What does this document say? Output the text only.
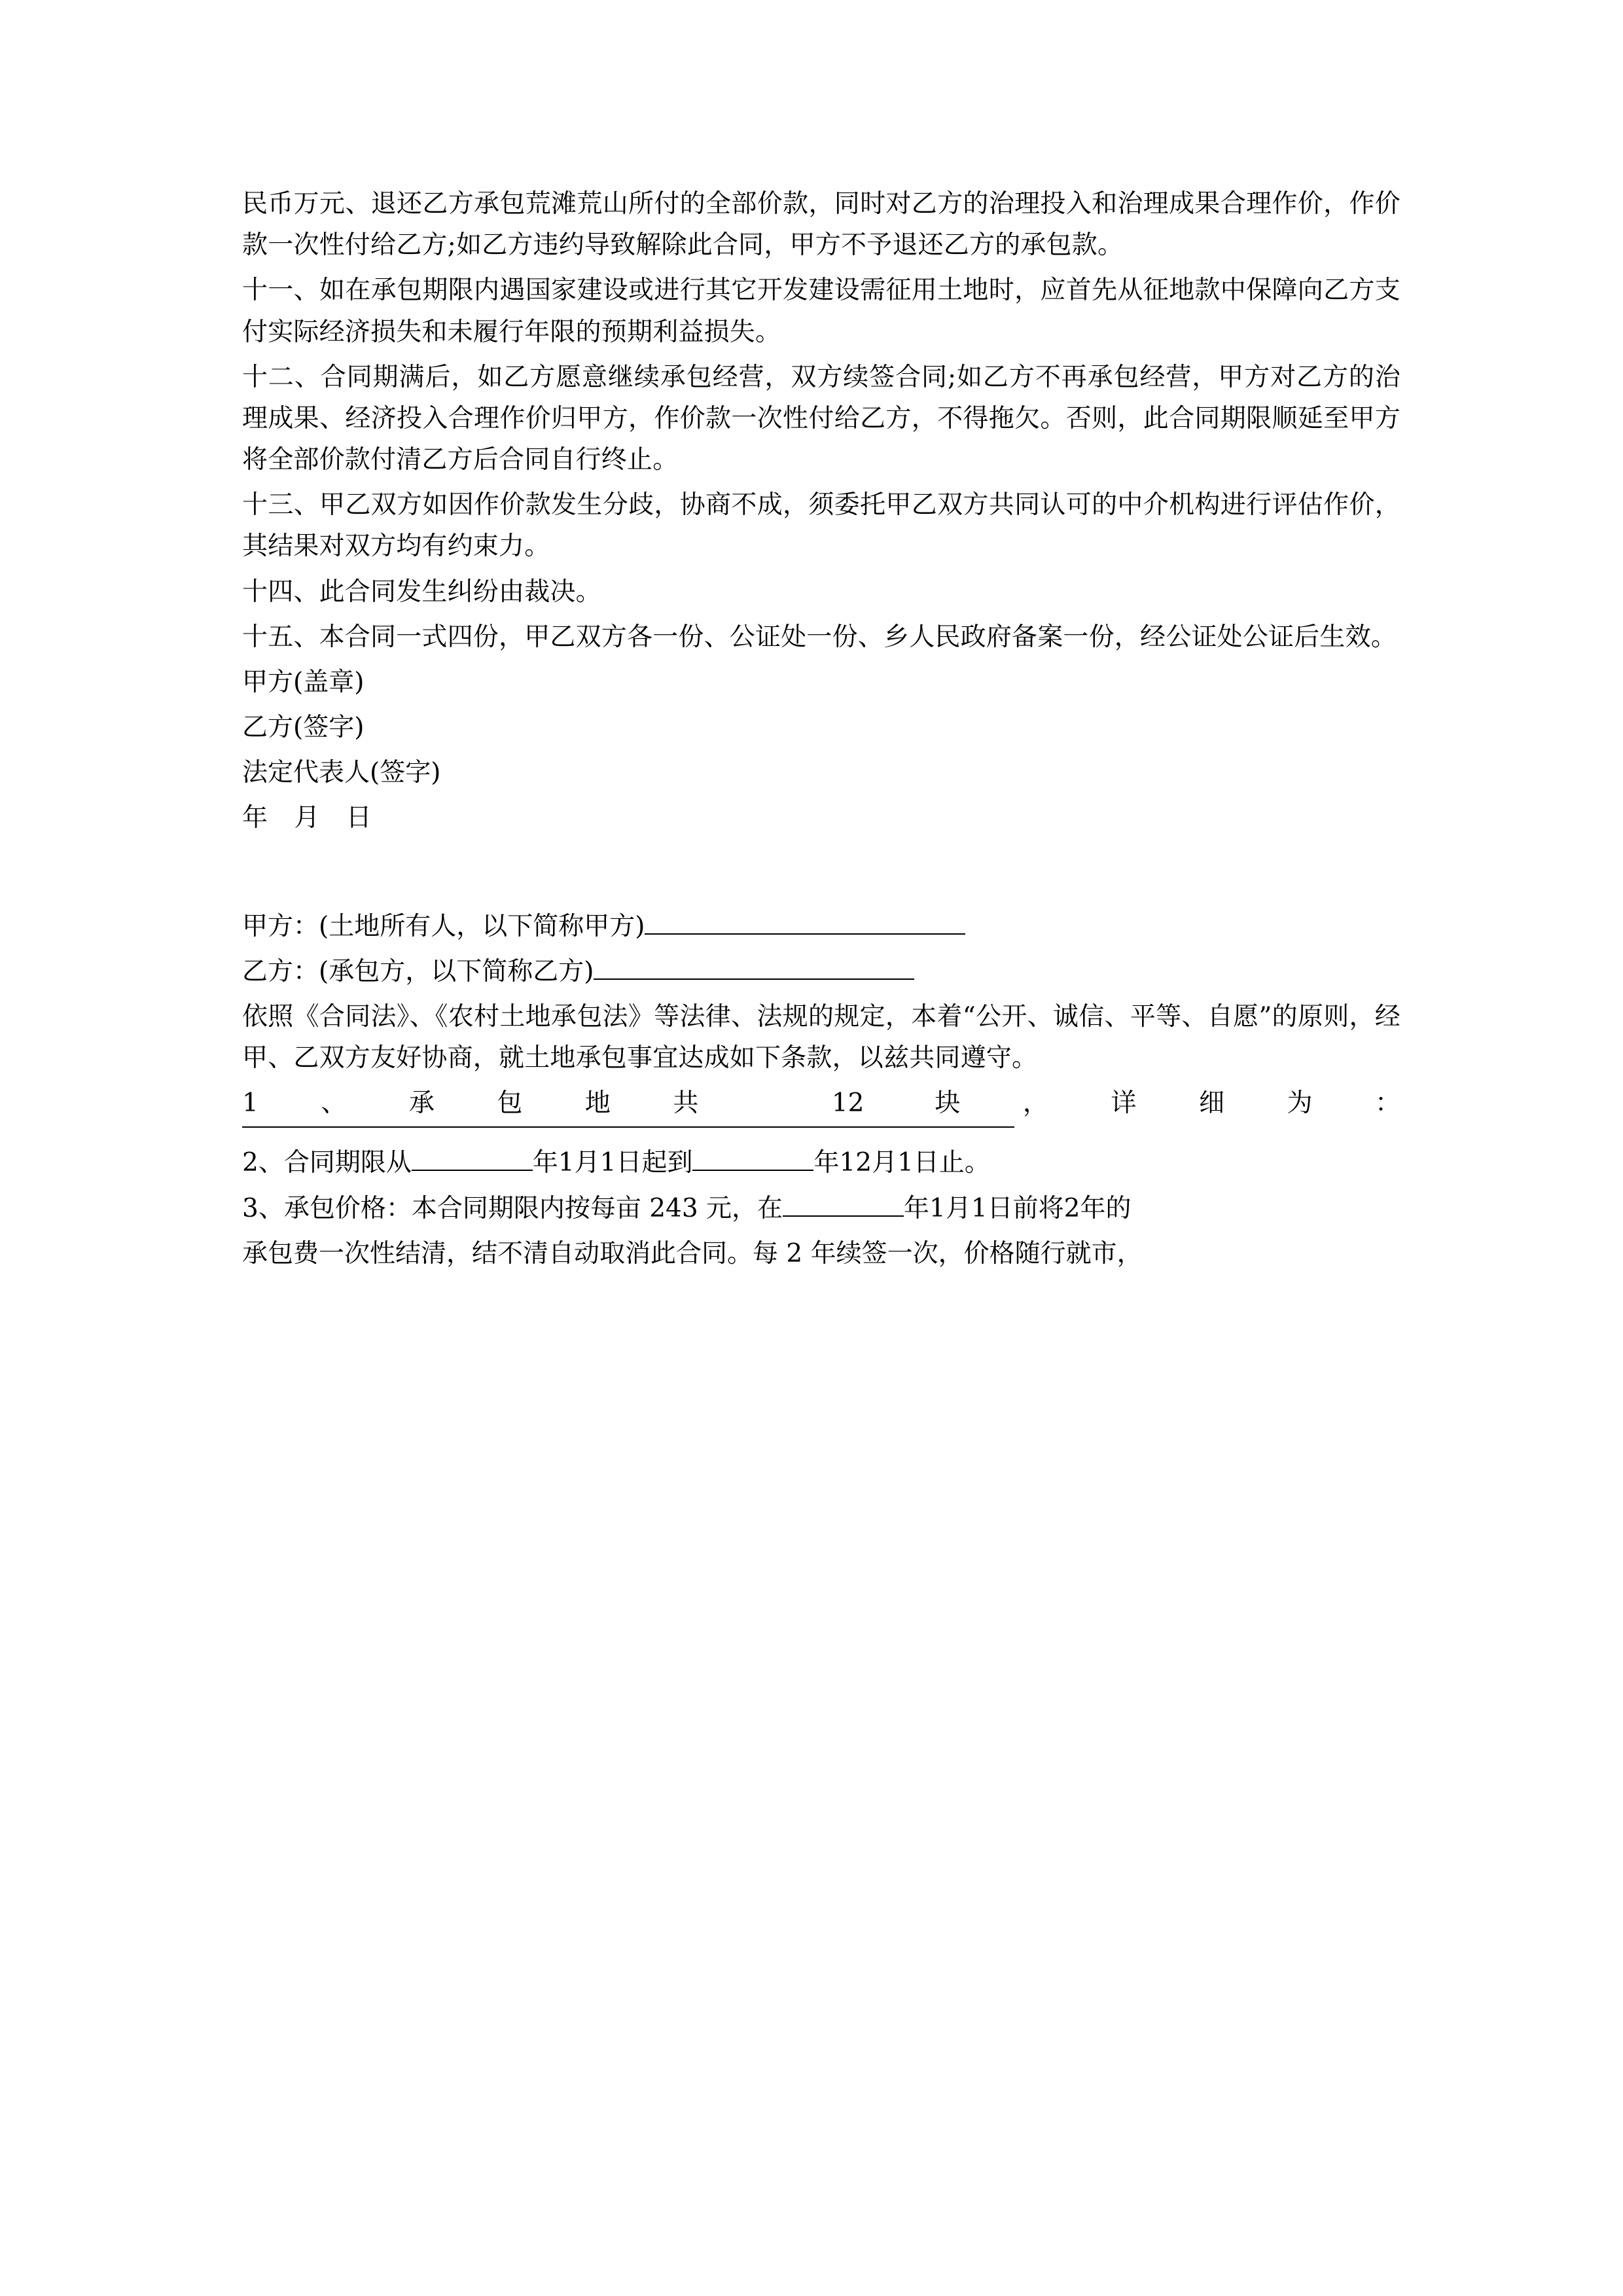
民币万元、退还乙方承包荒滩荒山所付的全部价款，同时对乙方的治理投入和治理成果合理作价，作价款一次性付给乙方;如乙方违约导致解除此合同，甲方不予退还乙方的承包款。

十一、如在承包期限内遇国家建设或进行其它开发建设需征用土地时，应首先从征地款中保障向乙方支付实际经济损失和未履行年限的预期利益损失。

十二、合同期满后，如乙方愿意继续承包经营，双方续签合同;如乙方不再承包经营，甲方对乙方的治理成果、经济投入合理作价归甲方，作价款一次性付给乙方，不得拖欠。否则，此合同期限顺延至甲方将全部价款付清乙方后合同自行终止。

十三、甲乙双方如因作价款发生分歧，协商不成，须委托甲乙双方共同认可的中介机构进行评估作价，其结果对双方均有约束力。

十四、此合同发生纠纷由裁决。

十五、本合同一式四份，甲乙双方各一份、公证处一份、乡人民政府备案一份，经公证处公证后生效。

甲方(盖章)
乙方(签字)
法定代表人(签字)
年 月 日
甲方：(土地所有人，以下简称甲方)
乙方：(承包方，以下简称乙方)

依照《合同法》、《农村土地承包法》等法律、法规的规定，本着“公开、诚信、平等、自愿”的原则，经甲、乙双方友好协商，就土地承包事宜达成如下条款，以兹共同遵守。

1、承包地共 12 块，详细为：
2、合同期限从	年1月1日起到	年12月1日止。
3、承包价格：本合同期限内按每亩 243 元，在	年1月1日前将2年的
承包费一次性结清，结不清自动取消此合同。每 2 年续签一次，价格随行就市，
